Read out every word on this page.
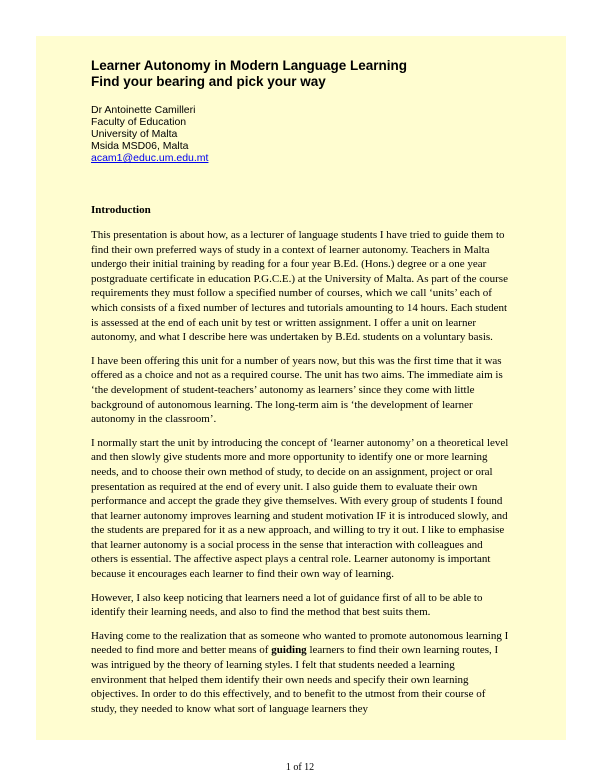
Learner Autonomy in Modern Language Learning
Find your bearing and pick your way
Dr Antoinette Camilleri
Faculty of Education
University of Malta
Msida MSD06, Malta
acam1@educ.um.edu.mt
Introduction

This presentation is about how, as a lecturer of language students I have tried to guide them to find their own preferred ways of study in a context of learner autonomy. Teachers in Malta undergo their initial training by reading for a four year B.Ed. (Hons.) degree or a one year postgraduate certificate in education P.G.C.E.) at the University of Malta. As part of the course requirements they must follow a specified number of courses, which we call ‘units’ each of which consists of a fixed number of lectures and tutorials amounting to 14 hours. Each student is assessed at the end of each unit by test or written assignment. I offer a unit on learner autonomy, and what I describe here was undertaken by B.Ed. students on a voluntary basis.

I have been offering this unit for a number of years now, but this was the first time that it was offered as a choice and not as a required course. The unit has two aims. The immediate aim is ‘the development of student-teachers’ autonomy as learners’ since they come with little background of autonomous learning. The long-term aim is ‘the development of learner autonomy in the classroom’.

I normally start the unit by introducing the concept of ‘learner autonomy’ on a theoretical level and then slowly give students more and more opportunity to identify one or more learning needs, and to choose their own method of study, to decide on an assignment, project or oral presentation as required at the end of every unit. I also guide them to evaluate their own performance and accept the grade they give themselves. With every group of students I found that learner autonomy improves learning and student motivation IF it is introduced slowly, and the students are prepared for it as a new approach, and willing to try it out. I like to emphasise that learner autonomy is a social process in the sense that interaction with colleagues and others is essential. The affective aspect plays a central role. Learner autonomy is important because it encourages each learner to find their own way of learning.

However, I also keep noticing that learners need a lot of guidance first of all to be able to identify their learning needs, and also to find the method that best suits them.

Having come to the realization that as someone who wanted to promote autonomous learning I needed to find more and better means of guiding learners to find their own learning routes, I was intrigued by the theory of learning styles. I felt that students needed a learning environment that helped them identify their own needs and specify their own learning objectives. In order to do this effectively, and to benefit to the utmost from their course of study, they needed to know what sort of language learners they

1 of 12
